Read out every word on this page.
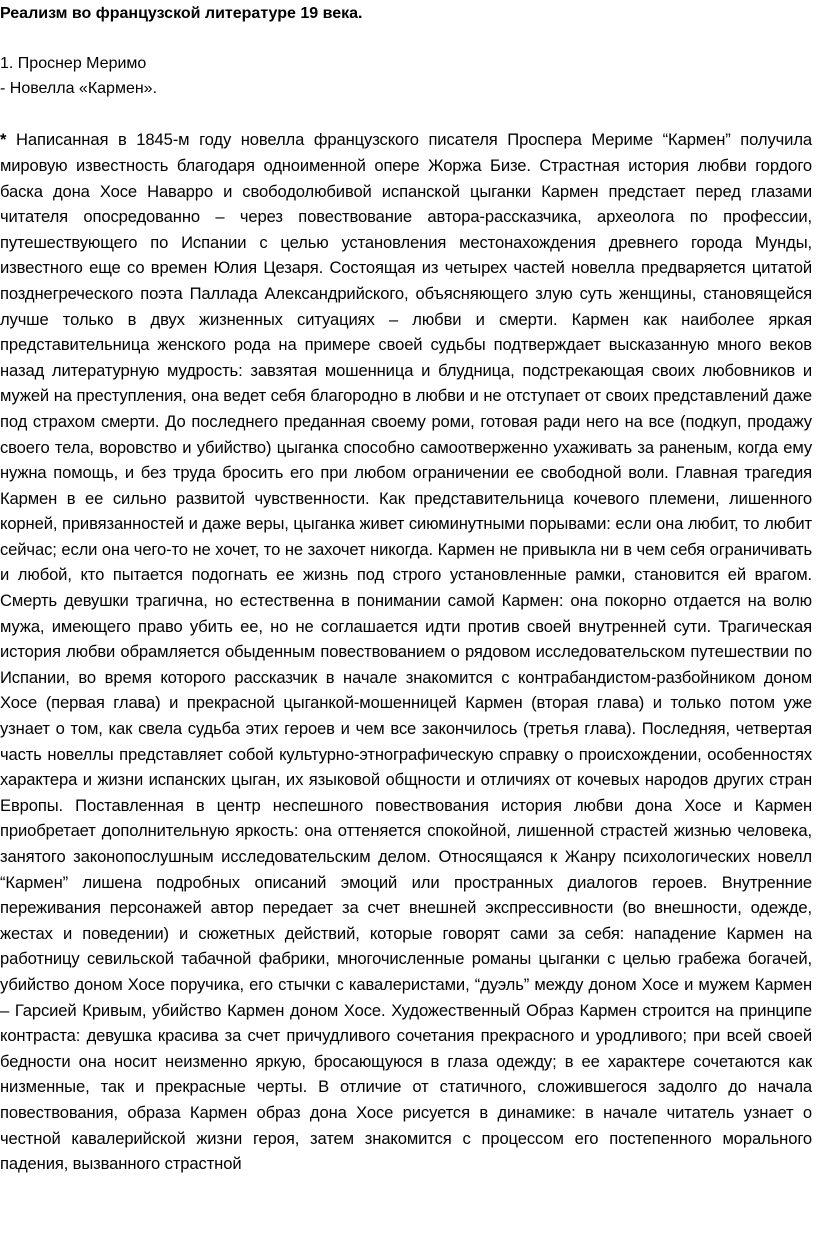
Реализм во французской литературе 19 века.

1. Проснер Меримо

- Новелла «Кармен».

* Написанная в 1845-м году новелла французского писателя Проспера Мериме “Кармен” получила мировую известность благодаря одноименной опере Жоржа Бизе. Страстная история любви гордого баска дона Хосе Наварро и свободолюбивой испанской цыганки Кармен предстает перед глазами читателя опосредованно – через повествование автора-рассказчика, археолога по профессии, путешествующего по Испании с целью установления местонахождения древнего города Мунды, известного еще со времен Юлия Цезаря. Состоящая из четырех частей новелла предваряется цитатой позднегреческого поэта Паллада Александрийского, объясняющего злую суть женщины, становящейся лучше только в двух жизненных ситуациях – любви и смерти. Кармен как наиболее яркая представительница женского рода на примере своей судьбы подтверждает высказанную много веков назад литературную мудрость: завзятая мошенница и блудница, подстрекающая своих любовников и мужей на преступления, она ведет себя благородно в любви и не отступает от своих представлений даже под страхом смерти. До последнего преданная своему роми, готовая ради него на все (подкуп, продажу своего тела, воровство и убийство) цыганка способно самоотверженно ухаживать за раненым, когда ему нужна помощь, и без труда бросить его при любом ограничении ее свободной воли. Главная трагедия Кармен в ее сильно развитой чувственности. Как представительница кочевого племени, лишенного корней, привязанностей и даже веры, цыганка живет сиюминутными порывами: если она любит, то любит сейчас; если она чего-то не хочет, то не захочет никогда. Кармен не привыкла ни в чем себя ограничивать и любой, кто пытается подогнать ее жизнь под строго установленные рамки, становится ей врагом. Смерть девушки трагична, но естественна в понимании самой Кармен: она покорно отдается на волю мужа, имеющего право убить ее, но не соглашается идти против своей внутренней сути. Трагическая история любви обрамляется обыденным повествованием о рядовом исследовательском путешествии по Испании, во время которого рассказчик в начале знакомится с контрабандистом-разбойником доном Хосе (первая глава) и прекрасной цыганкой-мошенницей Кармен (вторая глава) и только потом уже узнает о том, как свела судьба этих героев и чем все закончилось (третья глава). Последняя, четвертая часть новеллы представляет собой культурно-этнографическую справку о происхождении, особенностях характера и жизни испанских цыган, их языковой общности и отличиях от кочевых народов других стран Европы. Поставленная в центр неспешного повествования история любви дона Хосе и Кармен приобретает дополнительную яркость: она оттеняется спокойной, лишенной страстей жизнью человека, занятого законопослушным исследовательским делом. Относящаяся к Жанру психологических новелл “Кармен” лишена подробных описаний эмоций или пространных диалогов героев. Внутренние переживания персонажей автор передает за счет внешней экспрессивности (во внешности, одежде, жестах и поведении) и сюжетных действий, которые говорят сами за себя: нападение Кармен на работницу севильской табачной фабрики, многочисленные романы цыганки с целью грабежа богачей, убийство доном Хосе поручика, его стычки с кавалеристами, “дуэль” между доном Хосе и мужем Кармен – Гарсией Кривым, убийство Кармен доном Хосе. Художественный Образ Кармен строится на принципе контраста: девушка красива за счет причудливого сочетания прекрасного и уродливого; при всей своей бедности она носит неизменно яркую, бросающуюся в глаза одежду; в ее характере сочетаются как низменные, так и прекрасные черты. В отличие от статичного, сложившегося задолго до начала повествования, образа Кармен образ дона Хосе рисуется в динамике: в начале читатель узнает о честной кавалерийской жизни героя, затем знакомится с процессом его постепенного морального падения, вызванного страстной
